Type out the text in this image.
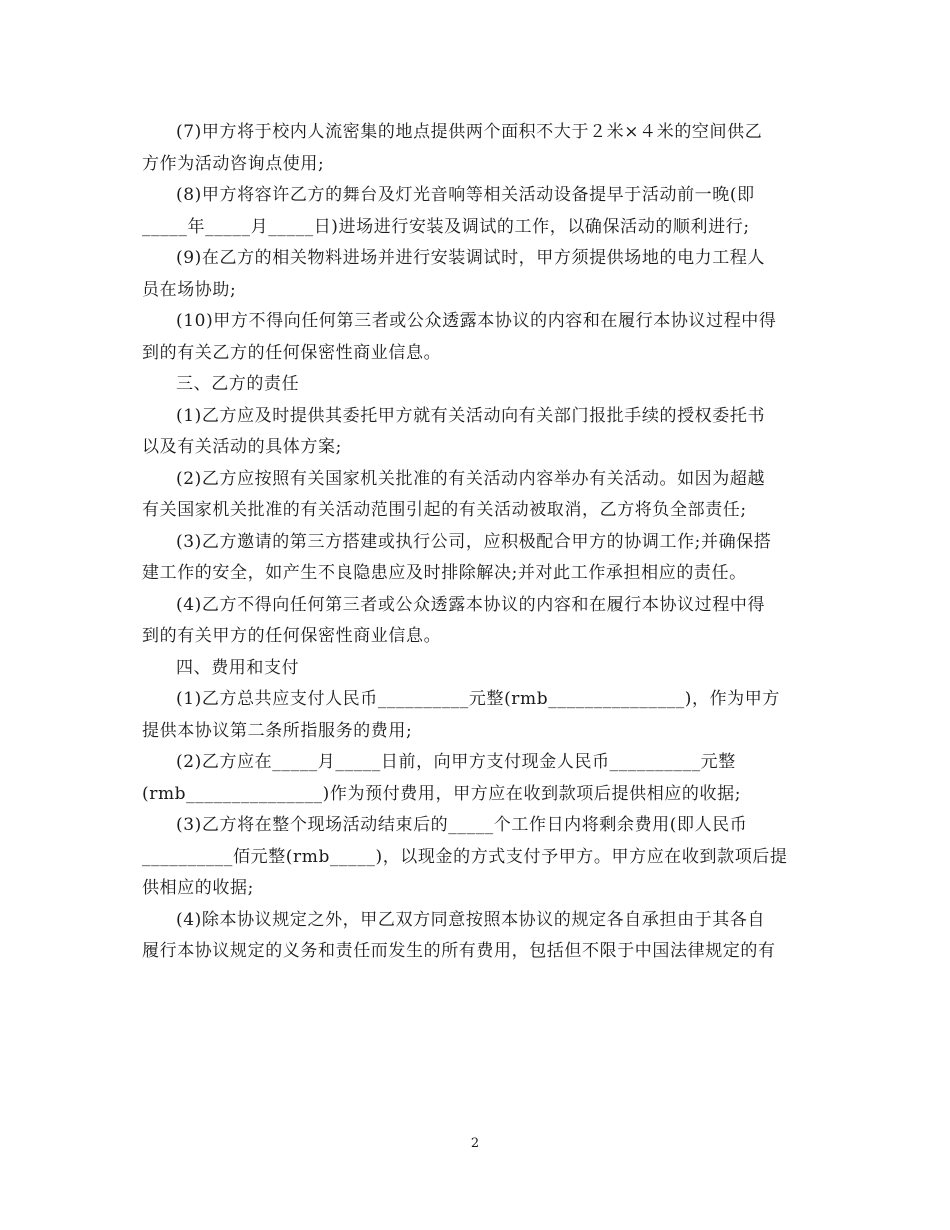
(7)甲方将于校内人流密集的地点提供两个面积不大于２米×４米的空间供乙
方作为活动咨询点使用;
(8)甲方将容许乙方的舞台及灯光音响等相关活动设备提早于活动前一晚(即
_____年_____月_____日)进场进行安装及调试的工作，以确保活动的顺利进行;
(9)在乙方的相关物料进场并进行安装调试时，甲方须提供场地的电力工程人
员在场协助;
(10)甲方不得向任何第三者或公众透露本协议的内容和在履行本协议过程中得
到的有关乙方的任何保密性商业信息。
三、乙方的责任
(1)乙方应及时提供其委托甲方就有关活动向有关部门报批手续的授权委托书
以及有关活动的具体方案;
(2)乙方应按照有关国家机关批准的有关活动内容举办有关活动。如因为超越
有关国家机关批准的有关活动范围引起的有关活动被取消，乙方将负全部责任;
(3)乙方邀请的第三方搭建或执行公司，应积极配合甲方的协调工作;并确保搭
建工作的安全，如产生不良隐患应及时排除解决;并对此工作承担相应的责任。
(4)乙方不得向任何第三者或公众透露本协议的内容和在履行本协议过程中得
到的有关甲方的任何保密性商业信息。
四、费用和支付
(1)乙方总共应支付人民币__________元整(rmb_______________)，作为甲方
提供本协议第二条所指服务的费用;
(2)乙方应在_____月_____日前，向甲方支付现金人民币__________元整
(rmb_______________)作为预付费用，甲方应在收到款项后提供相应的收据;
(3)乙方将在整个现场活动结束后的_____个工作日内将剩余费用(即人民币
__________佰元整(rmb_____)，以现金的方式支付予甲方。甲方应在收到款项后提
供相应的收据;
(4)除本协议规定之外，甲乙双方同意按照本协议的规定各自承担由于其各自
履行本协议规定的义务和责任而发生的所有费用，包括但不限于中国法律规定的有
2
